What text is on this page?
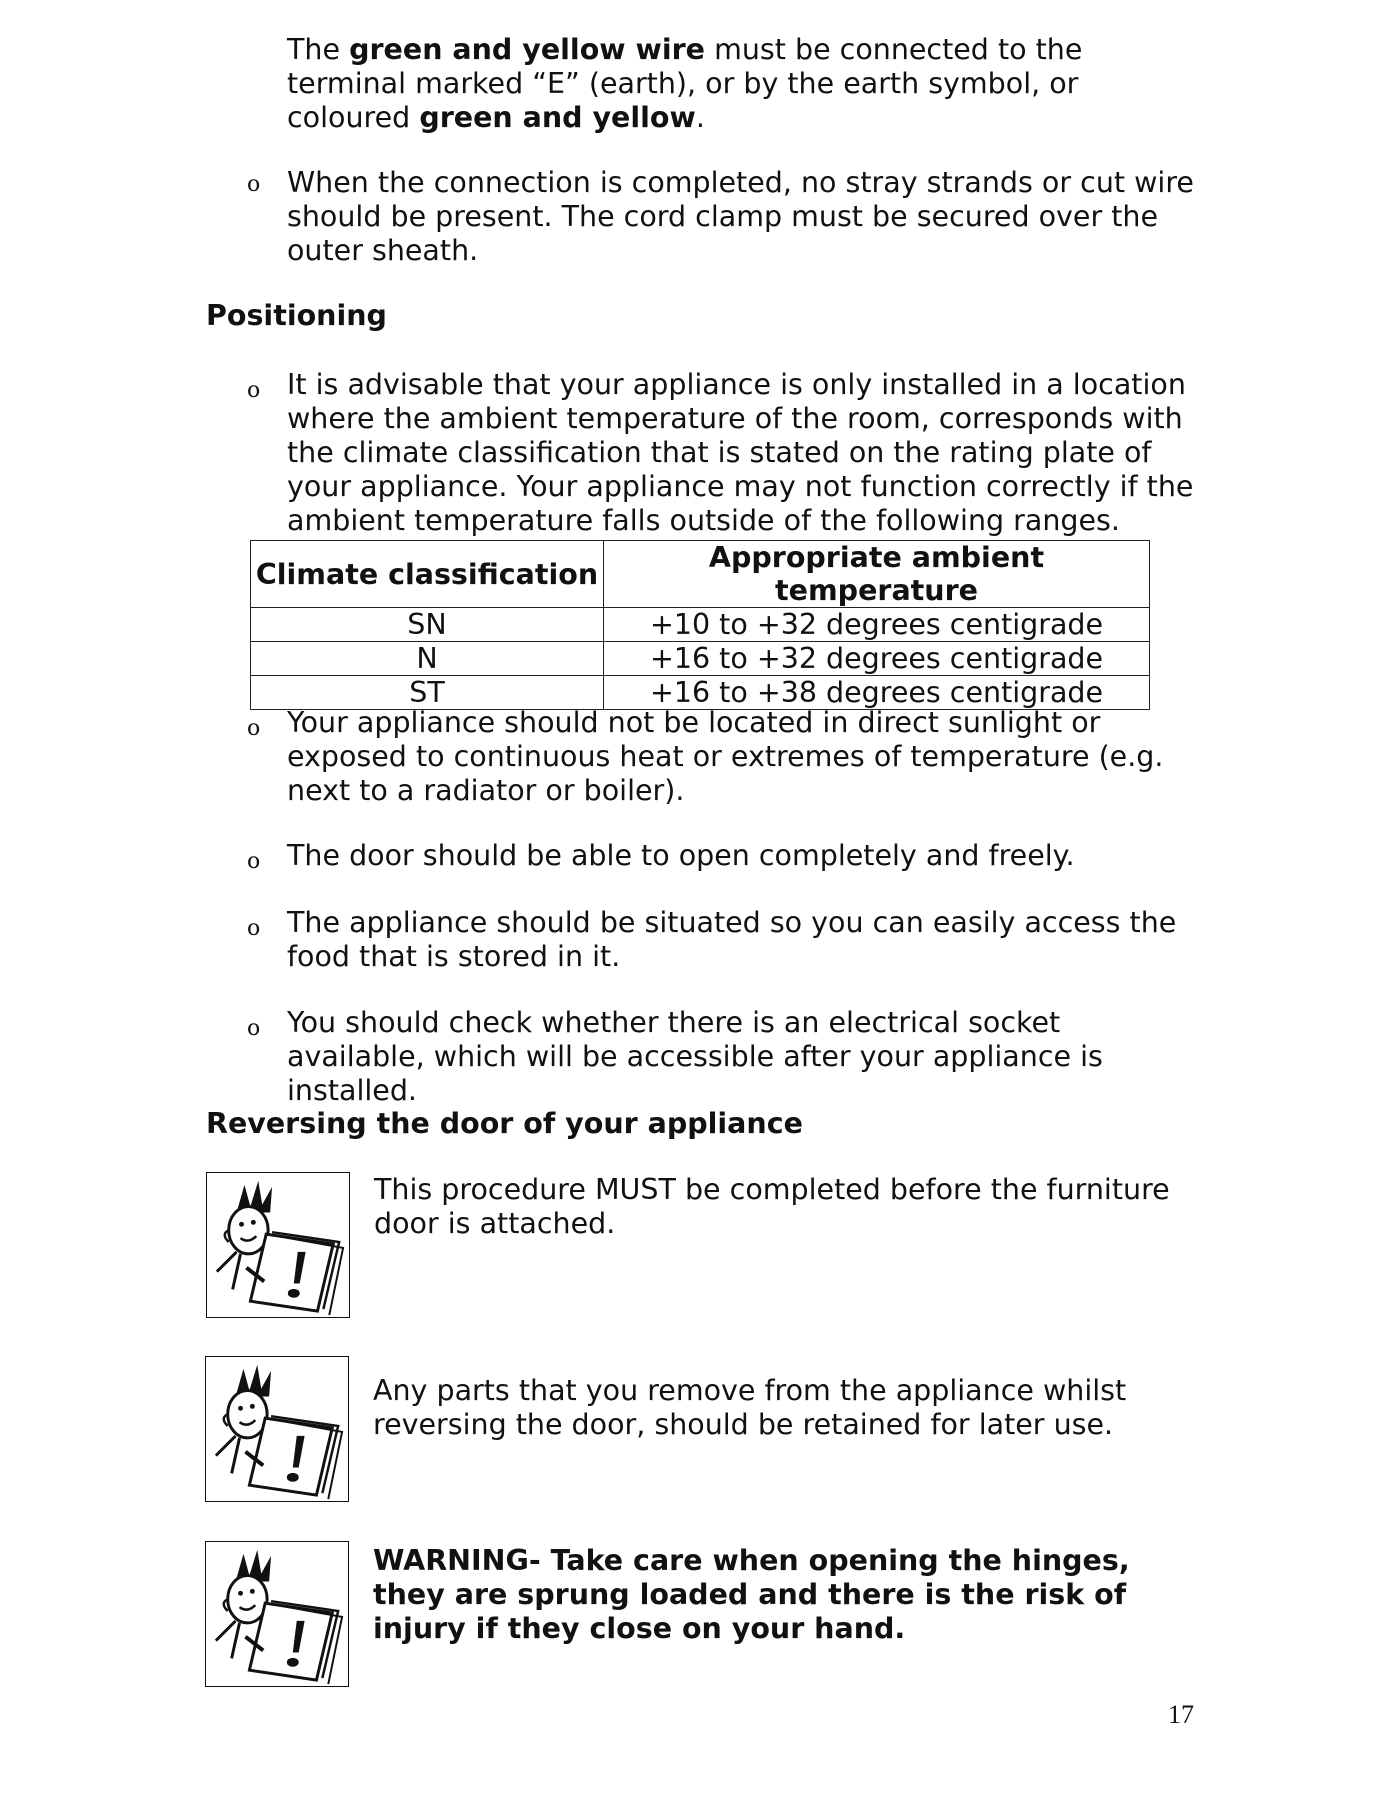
The green and yellow wire must be connected to the terminal marked “E” (earth), or by the earth symbol, or coloured green and yellow.

o When the connection is completed, no stray strands or cut wire should be present. The cord clamp must be secured over the outer sheath.

Positioning
o It is advisable that your appliance is only installed in a location where the ambient temperature of the room, corresponds with the climate classification that is stated on the rating plate of your appliance. Your appliance may not function correctly if the ambient temperature falls outside of the following ranges.

Climate classification	Appropriate ambient temperature
SN	+10 to +32 degrees centigrade
N	+16 to +32 degrees centigrade
ST	+16 to +38 degrees centigrade
o Your appliance should not be located in direct sunlight or exposed to continuous heat or extremes of temperature (e.g. next to a radiator or boiler).

o The door should be able to open completely and freely.

o The appliance should be situated so you can easily access the food that is stored in it.

o You should check whether there is an electrical socket available, which will be accessible after your appliance is installed.

Reversing the door of your appliance

This procedure MUST be completed before the furniture door is attached.

Any parts that you remove from the appliance whilst reversing the door, should be retained for later use.

WARNING- Take care when opening the hinges, they are sprung loaded and there is the risk of injury if they close on your hand.

17
